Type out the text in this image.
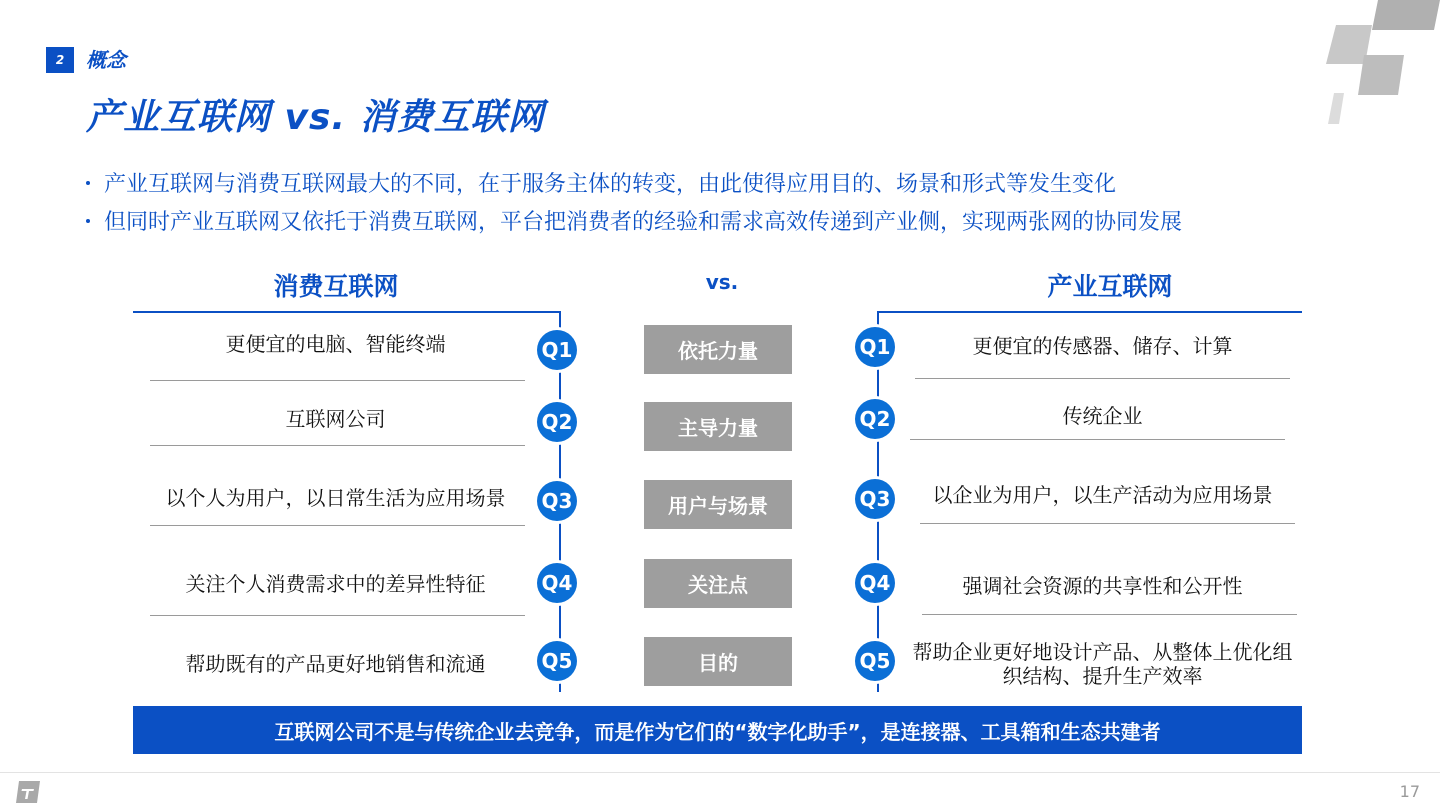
2	概念
产业互联网 vs. 消费互联网
产业互联网与消费互联网最大的不同，在于服务主体的转变，由此使得应用目的、场景和形式等发生变化
但同时产业互联网又依托于消费互联网，平台把消费者的经验和需求高效传递到产业侧，实现两张网的协同发展
消费互联网	vs.	产业互联网
更便宜的电脑、智能终端	Q1	依托力量	Q1	更便宜的传感器、储存、计算
互联网公司	Q2	主导力量	Q2	传统企业
以个人为用户，以日常生活为应用场景	Q3	用户与场景	Q3	以企业为用户，以生产活动为应用场景
关注个人消费需求中的差异性特征	Q4	关注点	Q4	强调社会资源的共享性和公开性
帮助既有的产品更好地销售和流通	Q5	目的	Q5	帮助企业更好地设计产品、从整体上优化组织结构、提升生产效率
互联网公司不是与传统企业去竞争，而是作为它们的“数字化助手”，是连接器、工具箱和生态共建者
17
